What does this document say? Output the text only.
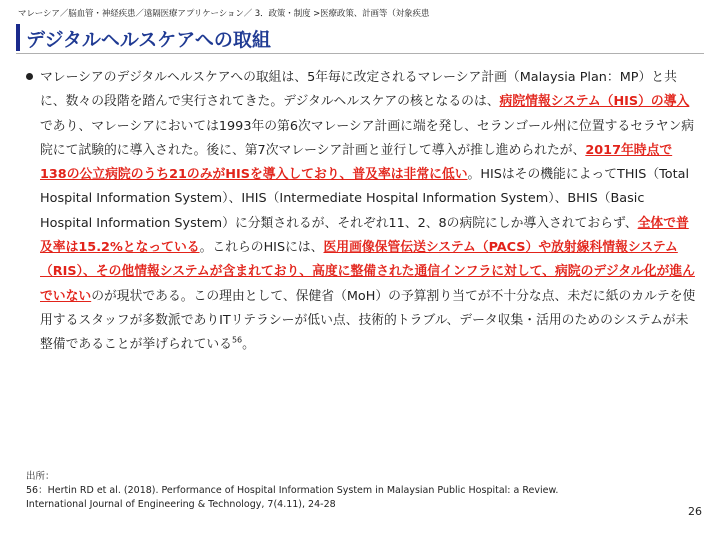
マレーシア／脳血管・神経疾患／遠隔医療アプリケーション／ 3．政策・制度 >医療政策、計画等（対象疾患
デジタルヘルスケアへの取組

マレーシアのデジタルヘルスケアへの取組は、5年毎に改定されるマレーシア計画（Malaysia Plan：MP）と共に、数々の段階を踏んで実行されてきた。デジタルヘルスケアの核となるのは、病院情報システム（HIS）の導入であり、マレーシアにおいては1993年の第6次マレーシア計画に端を発し、セランゴール州に位置するセラヤン病院にて試験的に導入された。後に、第7次マレーシア計画と並行して導入が推し進められたが、2017年時点で138の公立病院のうち21のみがHISを導入しており、普及率は非常に低い。HISはその機能によってTHIS（Total Hospital Information System）、IHIS（Intermediate Hospital Information System）、BHIS（Basic Hospital Information System）に分類されるが、それぞれ11、2、8の病院にしか導入されておらず、全体で普及率は15.2%となっている。これらのHISには、医用画像保管伝送システム（PACS）や放射線科情報システム（RIS）、その他情報システムが含まれており、高度に整備された通信インフラに対して、病院のデジタル化が進んでいないのが現状である。この理由として、保健省（MoH）の予算割り当てが不十分な点、未だに紙のカルテを使用するスタッフが多数派でありITリテラシーが低い点、技術的トラブル、データ収集・活用のためのシステムが未整備であることが挙げられている$^{56}$。

出所：
56：Hertin RD et al. (2018). Performance of Hospital Information System in Malaysian Public Hospital: a Review.
International Journal of Engineering & Technology, 7(4.11), 24-28
26
